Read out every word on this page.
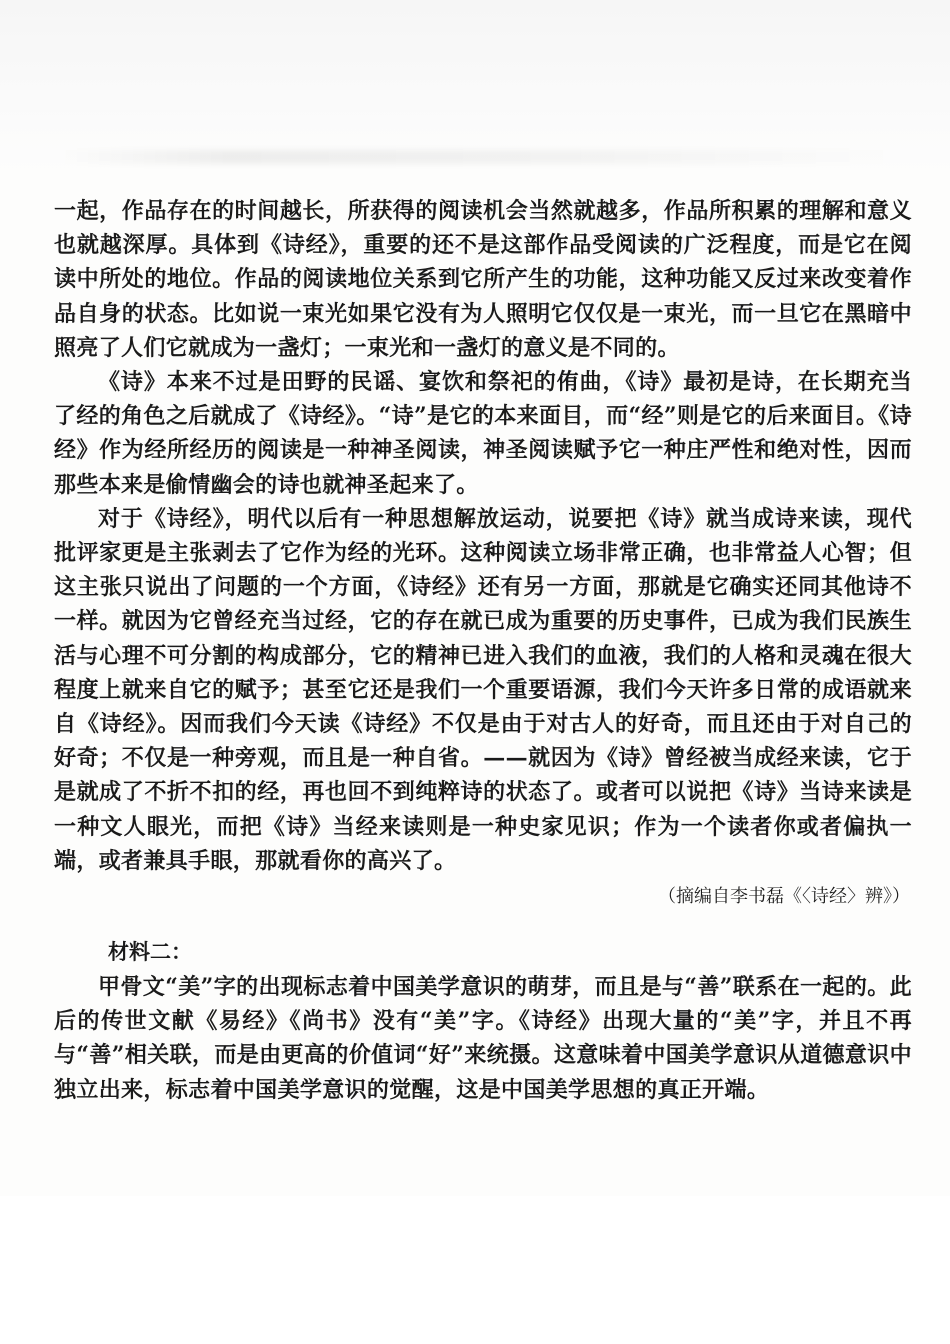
一起，作品存在的时间越长，所获得的阅读机会当然就越多，作品所积累的理解和意义也就越深厚。具体到《诗经》，重要的还不是这部作品受阅读的广泛程度，而是它在阅读中所处的地位。作品的阅读地位关系到它所产生的功能，这种功能又反过来改变着作品自身的状态。比如说一束光如果它没有为人照明它仅仅是一束光，而一旦它在黑暗中照亮了人们它就成为一盏灯；一束光和一盏灯的意义是不同的。

《诗》本来不过是田野的民谣、宴饮和祭祀的侑曲，《诗》最初是诗，在长期充当了经的角色之后就成了《诗经》。“诗”是它的本来面目，而“经”则是它的后来面目。《诗经》作为经所经历的阅读是一种神圣阅读，神圣阅读赋予它一种庄严性和绝对性，因而那些本来是偷情幽会的诗也就神圣起来了。

对于《诗经》，明代以后有一种思想解放运动，说要把《诗》就当成诗来读，现代批评家更是主张剥去了它作为经的光环。这种阅读立场非常正确，也非常益人心智；但这主张只说出了问题的一个方面，《诗经》还有另一方面，那就是它确实还同其他诗不一样。就因为它曾经充当过经，它的存在就已成为重要的历史事件，已成为我们民族生活与心理不可分割的构成部分，它的精神已进入我们的血液，我们的人格和灵魂在很大程度上就来自它的赋予；甚至它还是我们一个重要语源，我们今天许多日常的成语就来自《诗经》。因而我们今天读《诗经》不仅是由于对古人的好奇，而且还由于对自己的好奇；不仅是一种旁观，而且是一种自省。——就因为《诗》曾经被当成经来读，它于是就成了不折不扣的经，再也回不到纯粹诗的状态了。或者可以说把《诗》当诗来读是一种文人眼光，而把《诗》当经来读则是一种史家见识；作为一个读者你或者偏执一端，或者兼具手眼，那就看你的高兴了。

（摘编自李书磊《〈诗经〉辨》）

材料二：

甲骨文“美”字的出现标志着中国美学意识的萌芽，而且是与“善”联系在一起的。此后的传世文献《易经》《尚书》没有“美”字。《诗经》出现大量的“美”字，并且不再与“善”相关联，而是由更高的价值词“好”来统摄。这意味着中国美学意识从道德意识中独立出来，标志着中国美学意识的觉醒，这是中国美学思想的真正开端。
